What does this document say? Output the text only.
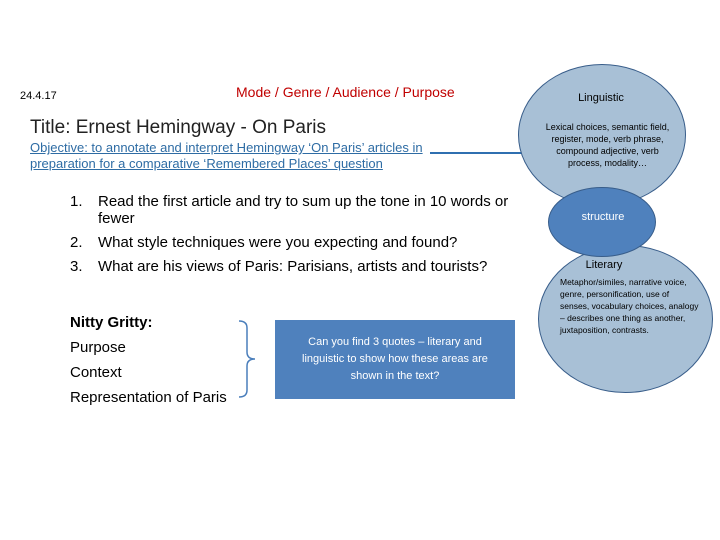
24.4.17	Mode / Genre / Audience / Purpose
Title: Ernest Hemingway - On Paris
Objective: to annotate and interpret Hemingway ‘On Paris’ articles in preparation for a comparative ‘Remembered Places’ question
1. Read the first article and try to sum up the tone in 10 words or fewer
2. What style techniques were you expecting and found?
3. What are his views of Paris: Parisians, artists and tourists?
Nitty Gritty:
Purpose
Context
Representation of Paris
Can you find 3 quotes – literary and linguistic to show how these areas are shown in the text?
Linguistic
Lexical choices, semantic field, register, mode, verb phrase, compound adjective, verb process, modality…
structure
Literary
Metaphor/similes, narrative voice, genre, personification, use of senses, vocabulary choices, analogy – describes one thing as another, juxtaposition, contrasts.
